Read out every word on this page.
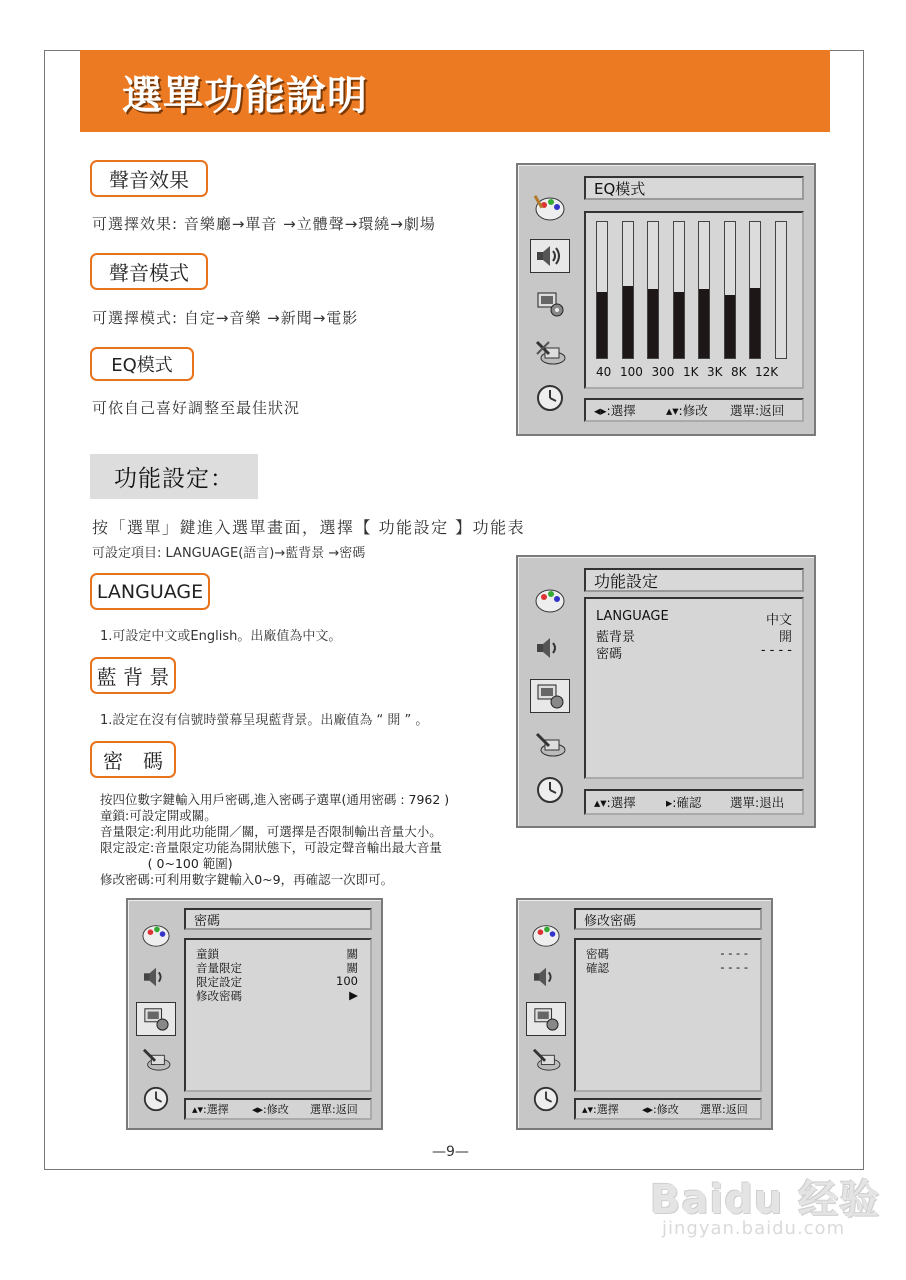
選單功能說明
聲音效果
可選擇效果: 音樂廳→單音 →立體聲→環繞→劇場
聲音模式
可選擇模式: 自定→音樂 →新聞→電影
EQ模式
可依自己喜好調整至最佳狀況
EQ模式
40 100 300 1K 3K 8K 12K
◂▸:選擇 ▴▾:修改 選單:返回
功能設定：
按「選單」鍵進入選單畫面，選擇【 功能設定 】功能表
可設定項目: LANGUAGE(語言)→藍背景 →密碼
LANGUAGE
1.可設定中文或English。出廠值為中文。
藍 背 景
1.設定在沒有信號時螢幕呈現藍背景。出廠值為 “ 開 ” 。
密　碼
按四位數字鍵輸入用戶密碼,進入密碼子選單(通用密碼 : 7962 )
童鎖:可設定開或關。
音量限定:利用此功能開／關，可選擇是否限制輸出音量大小。
限定設定:音量限定功能為開狀態下，可設定聲音輸出最大音量
( 0~100 範圍)
修改密碼:可利用數字鍵輸入0~9，再確認一次即可。
功能設定
LANGUAGE	中文
藍背景	開
密碼	- - - -
▴▾:選擇 ▸:確認 選單:退出
密碼
童鎖	關
音量限定	關
限定設定	100
修改密碼	▶
▴▾:選擇 ◂▸:修改 選單:返回
修改密碼
密碼	- - - -
確認	- - - -
▴▾:選擇 ◂▸:修改 選單:返回
—9—
Baidu 经验
jingyan.baidu.com
